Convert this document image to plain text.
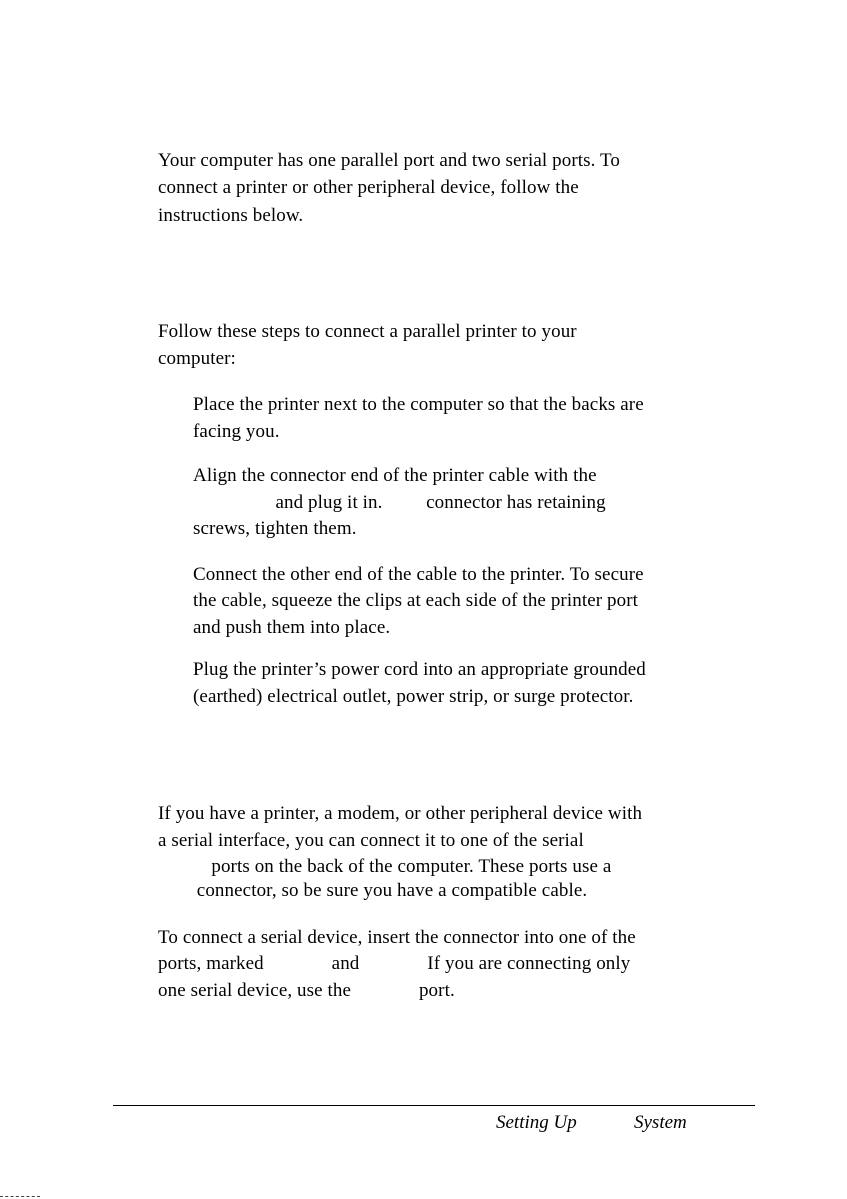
Your computer has one parallel port and two serial ports. To
connect a printer or other peripheral device, follow the
instructions below.
Follow these steps to connect a parallel printer to your
computer:
Place the printer next to the computer so that the backs are
facing you.
Align the connector end of the printer cable with the
and plug it in.         connector has retaining
screws, tighten them.
Connect the other end of the cable to the printer. To secure
the cable, squeeze the clips at each side of the printer port
and push them into place.
Plug the printer’s power cord into an appropriate grounded
(earthed) electrical outlet, power strip, or surge protector.
If you have a printer, a modem, or other peripheral device with
a serial interface, you can connect it to one of the serial
ports on the back of the computer. These ports use a
connector, so be sure you have a compatible cable.
To connect a serial device, insert the connector into one of the
ports, marked              and              If you are connecting only
one serial device, use the              port.
Setting Up	System
